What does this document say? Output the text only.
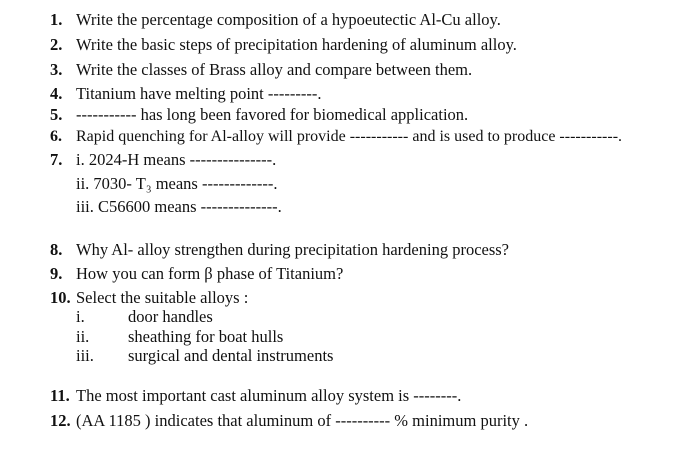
1. Write the percentage composition of a hypoeutectic Al-Cu alloy.
2. Write the basic steps of precipitation hardening of aluminum alloy.
3. Write the classes of Brass alloy and compare between them.
4. Titanium have melting point ---------.
5. ----------- has long been favored for biomedical application.
6. Rapid quenching for Al-alloy will provide ----------- and is used to produce -----------.
7. i. 2024-H means ---------------.
ii. 7030- T₃ means -------------.
iii. C56600 means --------------.
8. Why Al- alloy strengthen during precipitation hardening process?
9. How you can form β phase of Titanium?
10. Select the suitable alloys :
i.	door handles
ii. sheathing for boat hulls
iii. surgical and dental instruments
11. The most important cast aluminum alloy system is --------.
12. (AA 1185 ) indicates that aluminum of ---------- % minimum purity .
